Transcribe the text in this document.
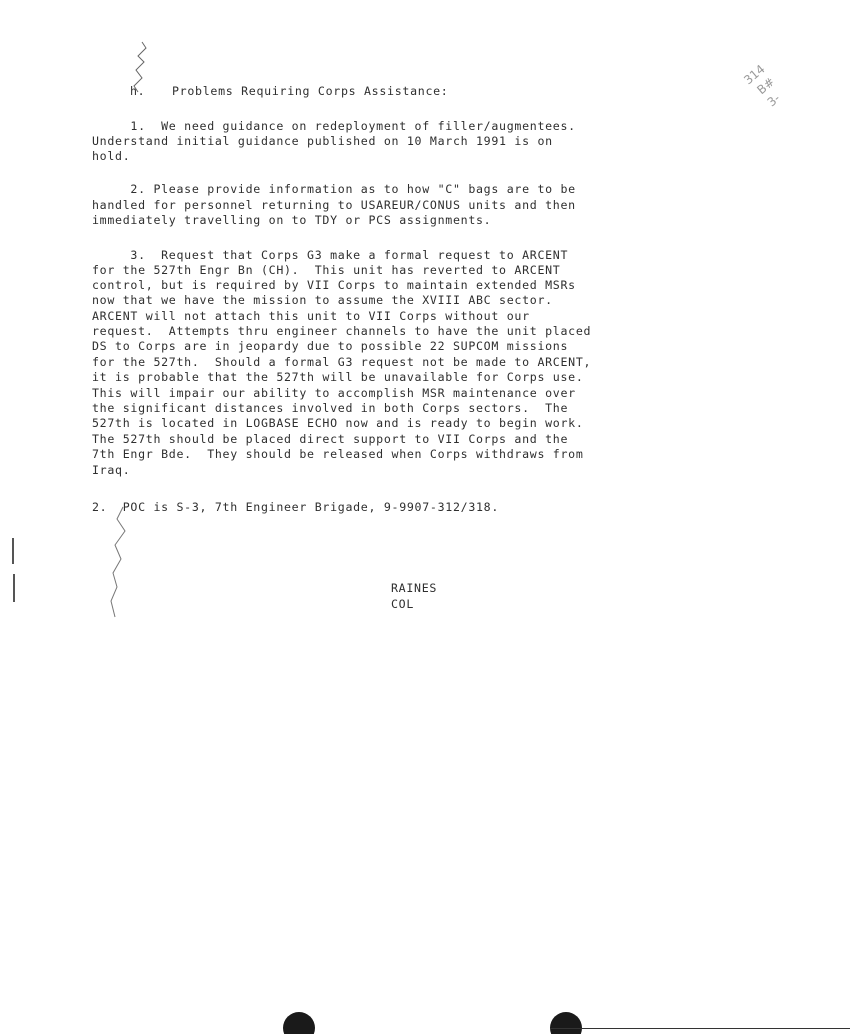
h. Problems Requiring Corps Assistance:
1.  We need guidance on redeployment of filler/augmentees.
Understand initial guidance published on 10 March 1991 is on
hold.
2. Please provide information as to how "C" bags are to be
handled for personnel returning to USAREUR/CONUS units and then
immediately travelling on to TDY or PCS assignments.
3.  Request that Corps G3 make a formal request to ARCENT
for the 527th Engr Bn (CH).  This unit has reverted to ARCENT
control, but is required by VII Corps to maintain extended MSRs
now that we have the mission to assume the XVIII ABC sector.
ARCENT will not attach this unit to VII Corps without our
request.  Attempts thru engineer channels to have the unit placed
DS to Corps are in jeopardy due to possible 22 SUPCOM missions
for the 527th.  Should a formal G3 request not be made to ARCENT,
it is probable that the 527th will be unavailable for Corps use.
This will impair our ability to accomplish MSR maintenance over
the significant distances involved in both Corps sectors.  The
527th is located in LOGBASE ECHO now and is ready to begin work.
The 527th should be placed direct support to VII Corps and the
7th Engr Bde.  They should be released when Corps withdraws from
Iraq.
2.  POC is S-3, 7th Engineer Brigade, 9-9907-312/318.
RAINES
COL
314
B#
3-
